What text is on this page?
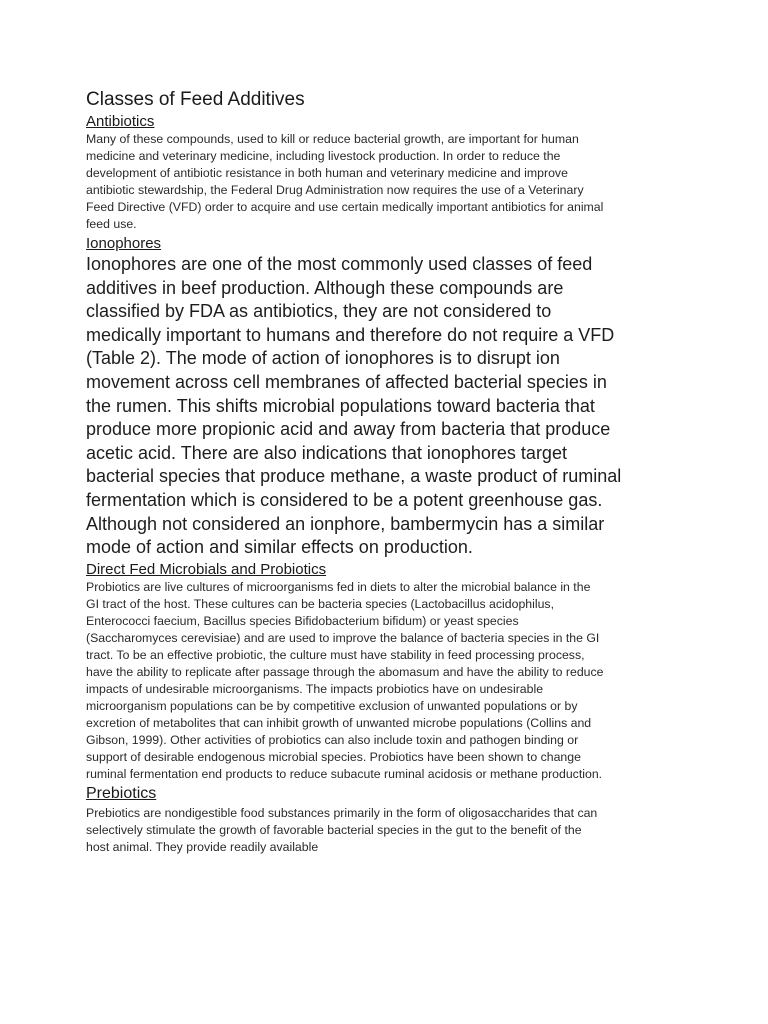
Classes of Feed Additives
Antibiotics

Many of these compounds, used to kill or reduce bacterial growth, are important for human medicine and veterinary medicine, including livestock production. In order to reduce the development of antibiotic resistance in both human and veterinary medicine and improve antibiotic stewardship, the Federal Drug Administration now requires the use of a Veterinary Feed Directive (VFD) order to acquire and use certain medically important antibiotics for animal feed use.

Ionophores

Ionophores are one of the most commonly used classes of feed additives in beef production. Although these compounds are classified by FDA as antibiotics, they are not considered to medically important to humans and therefore do not require a VFD (Table 2). The mode of action of ionophores is to disrupt ion movement across cell membranes of affected bacterial species in the rumen. This shifts microbial populations toward bacteria that produce more propionic acid and away from bacteria that produce acetic acid. There are also indications that ionophores target bacterial species that produce methane, a waste product of ruminal fermentation which is considered to be a potent greenhouse gas. Although not considered an ionphore, bambermycin has a similar mode of action and similar effects on production.

Direct Fed Microbials and Probiotics

Probiotics are live cultures of microorganisms fed in diets to alter the microbial balance in the GI tract of the host. These cultures can be bacteria species (Lactobacillus acidophilus, Enterococci faecium, Bacillus species Bifidobacterium bifidum) or yeast species (Saccharomyces cerevisiae) and are used to improve the balance of bacteria species in the GI tract. To be an effective probiotic, the culture must have stability in feed processing process, have the ability to replicate after passage through the abomasum and have the ability to reduce impacts of undesirable microorganisms. The impacts probiotics have on undesirable microorganism populations can be by competitive exclusion of unwanted populations or by excretion of metabolites that can inhibit growth of unwanted microbe populations (Collins and Gibson, 1999). Other activities of probiotics can also include toxin and pathogen binding or support of desirable endogenous microbial species. Probiotics have been shown to change ruminal fermentation end products to reduce subacute ruminal acidosis or methane production.

Prebiotics

Prebiotics are nondigestible food substances primarily in the form of oligosaccharides that can selectively stimulate the growth of favorable bacterial species in the gut to the benefit of the host animal. They provide readily available
